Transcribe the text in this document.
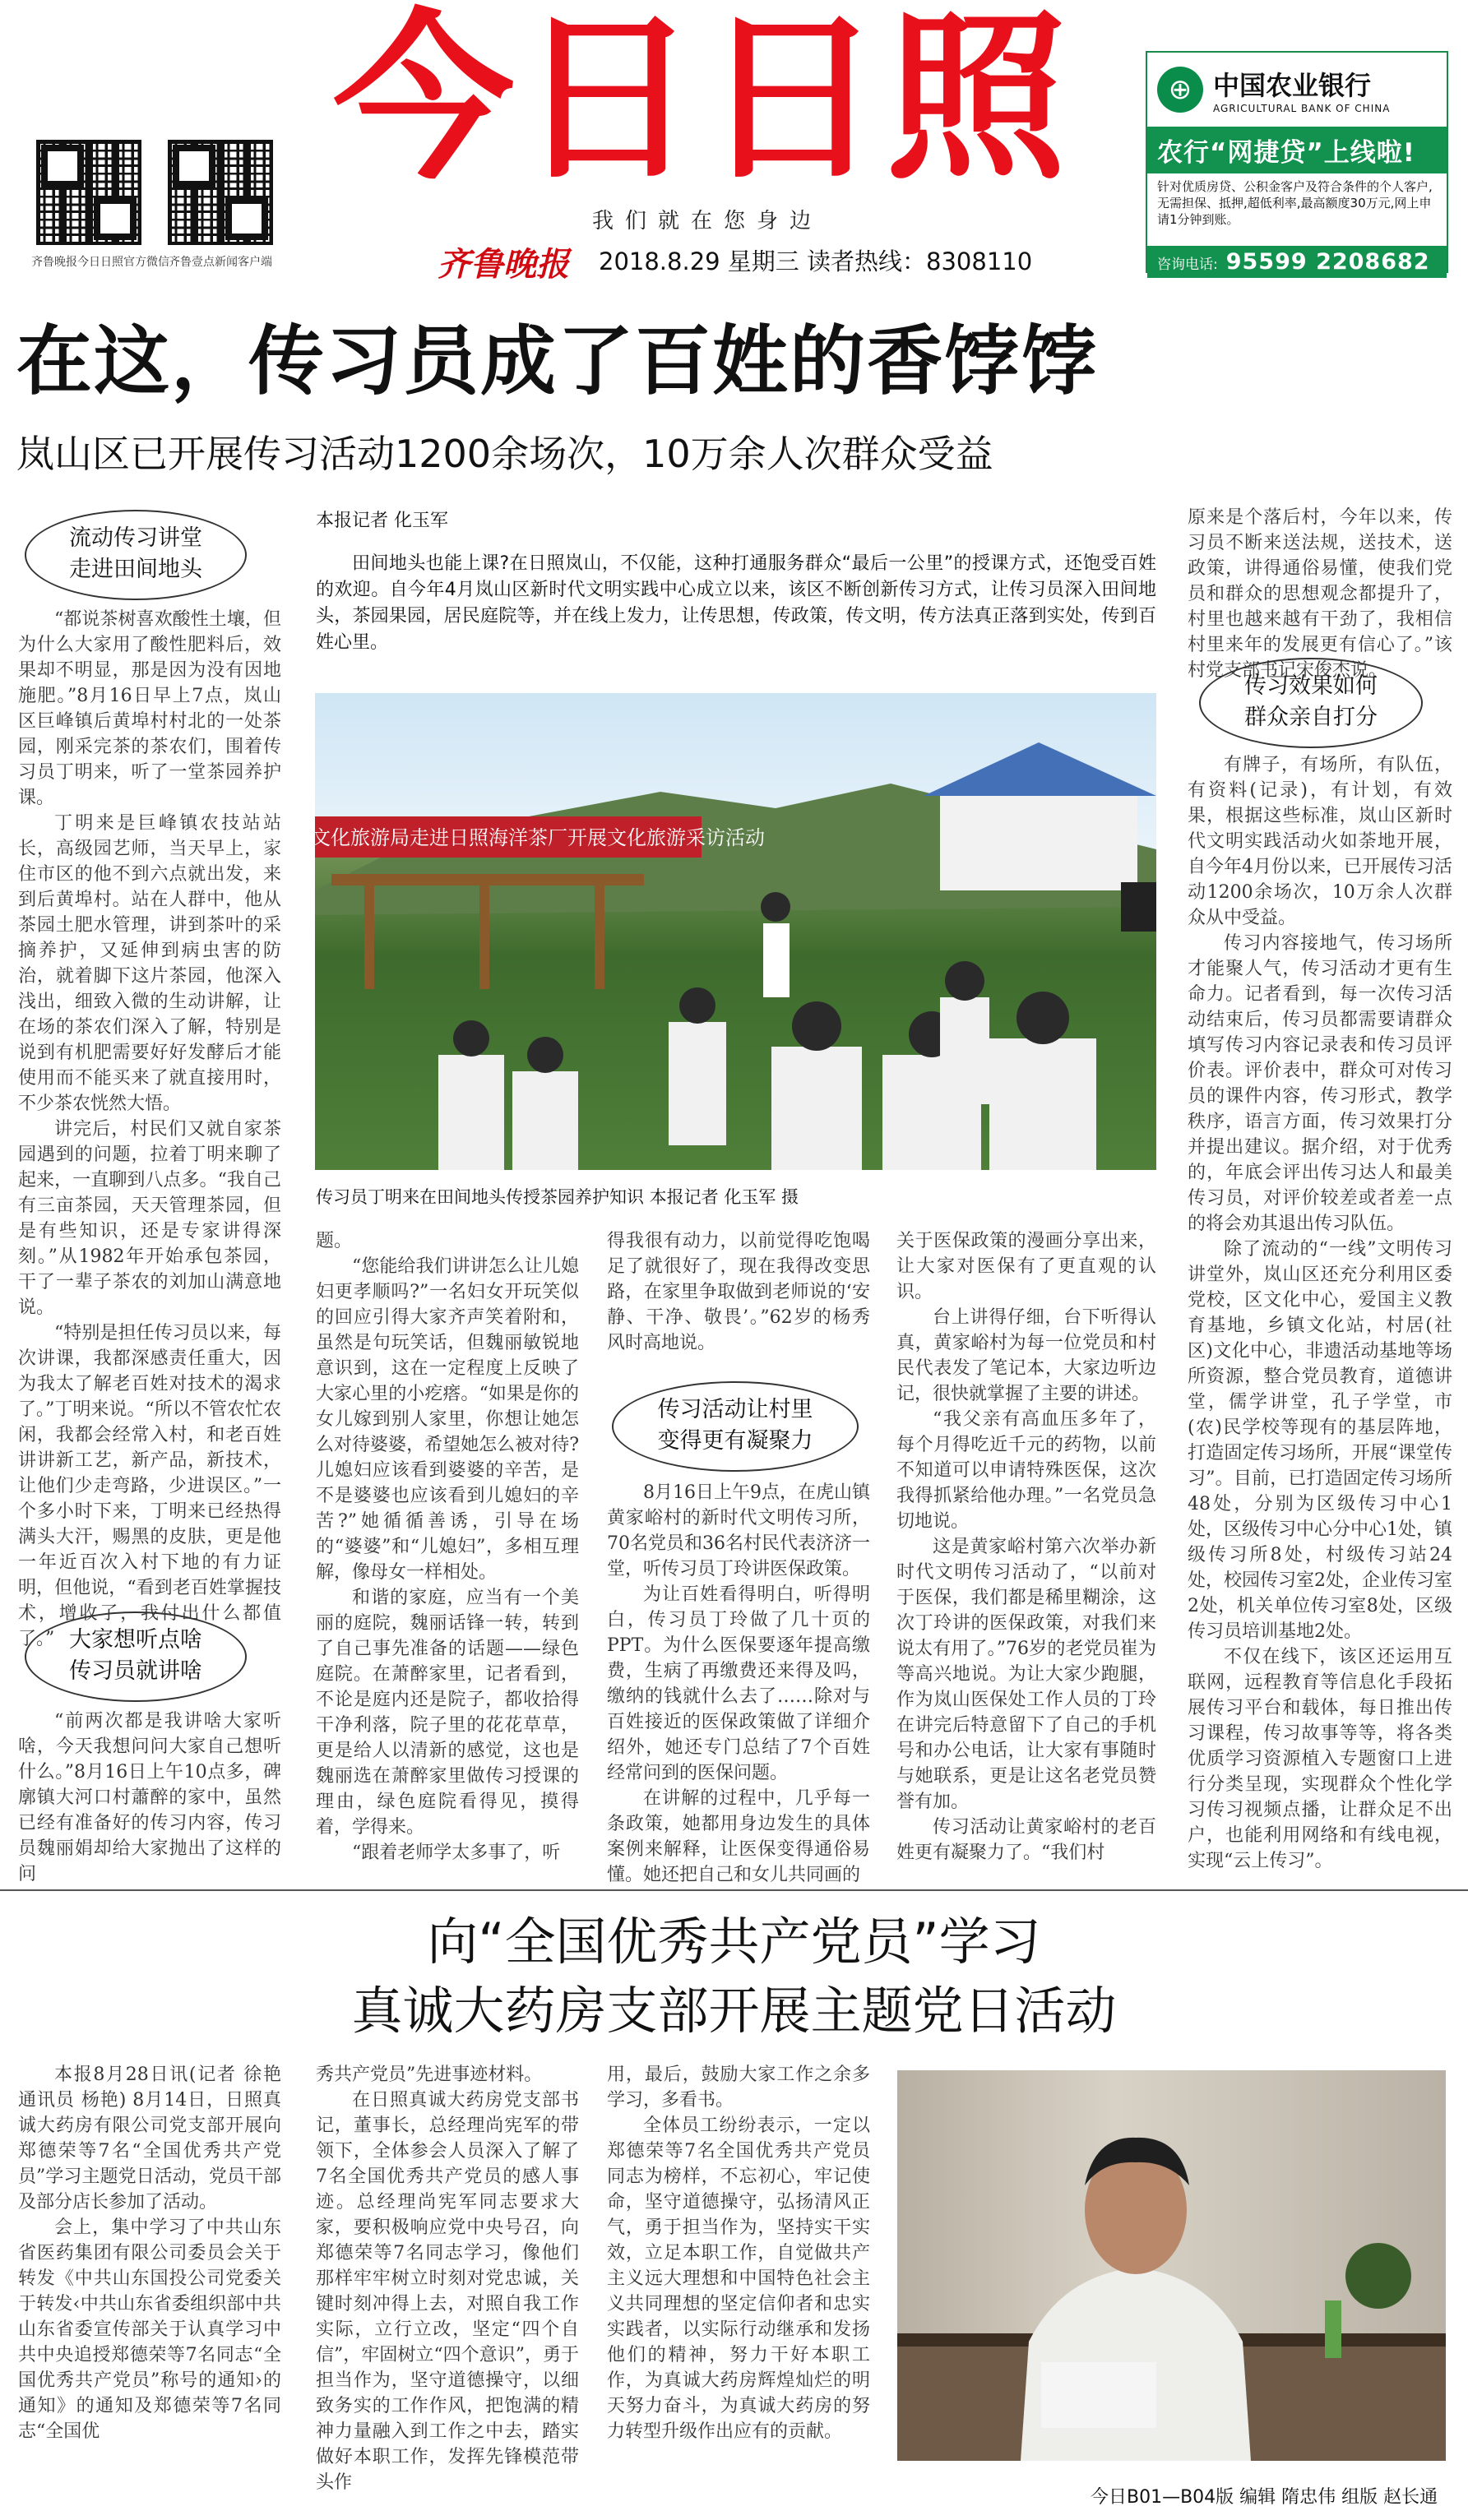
齐鲁晚报今日日照官方微信 齐鲁壹点新闻客户端
今日日照
我们就在您身边
齐鲁晚报 2018.8.29 星期三 读者热线：8308110
⊕ 中国农业银行
AGRICULTURAL BANK OF CHINA
农行“网捷贷”上线啦!
针对优质房贷、公积金客户及符合条件的个人客户,无需担保、抵押,超低利率,最高额度30万元,网上申请1分钟到账。
咨询电话: 95599 2208682
在这，传习员成了百姓的香饽饽
岚山区已开展传习活动1200余场次，10万余人次群众受益
流动传习讲堂
走进田间地头

“都说茶树喜欢酸性土壤，但为什么大家用了酸性肥料后，效果却不明显，那是因为没有因地施肥。”8月16日早上7点，岚山区巨峰镇后黄埠村村北的一处茶园，刚采完茶的茶农们，围着传习员丁明来，听了一堂茶园养护课。

丁明来是巨峰镇农技站站长，高级园艺师，当天早上，家住市区的他不到六点就出发，来到后黄埠村。站在人群中，他从茶园土肥水管理，讲到茶叶的采摘养护，又延伸到病虫害的防治，就着脚下这片茶园，他深入浅出，细致入微的生动讲解，让在场的茶农们深入了解，特别是说到有机肥需要好好发酵后才能使用而不能买来了就直接用时，不少茶农恍然大悟。

讲完后，村民们又就自家茶园遇到的问题，拉着丁明来聊了起来，一直聊到八点多。“我自己有三亩茶园，天天管理茶园，但是有些知识，还是专家讲得深刻。”从1982年开始承包茶园，干了一辈子茶农的刘加山满意地说。

“特别是担任传习员以来，每次讲课，我都深感责任重大，因为我太了解老百姓对技术的渴求了。”丁明来说。“所以不管农忙农闲，我都会经常入村，和老百姓讲讲新工艺，新产品，新技术，让他们少走弯路，少进误区。”一个多小时下来，丁明来已经热得满头大汗，赐黑的皮肤，更是他一年近百次入村下地的有力证明，但他说，“看到老百姓掌握技术，增收了，我付出什么都值了。” 大家想听点啥
传习员就讲啥

“前两次都是我讲啥大家听啥，今天我想问问大家自己想听什么。”8月16日上午10点多，碑廓镇大河口村蕭醉的家中，虽然已经有准备好的传习内容，传习员魏丽娟却给大家抛出了这样的问

本报记者 化玉军
田间地头也能上课?在日照岚山，不仅能，这种打通服务群众“最后一公里”的授课方式，还饱受百姓的欢迎。自今年4月岚山区新时代文明实践中心成立以来，该区不断创新传习方式，让传习员深入田间地头，茶园果园，居民庭院等，并在线上发力，让传思想，传政策，传文明，传方法真正落到实处，传到百姓心里。
岚山区文化旅游局走进日照海洋茶厂开展文化旅游采访活动
传习员丁明来在田间地头传授茶园养护知识 本报记者 化玉军 摄

题。

“您能给我们讲讲怎么让儿媳妇更孝顺吗?”一名妇女开玩笑似的回应引得大家齐声笑着附和，虽然是句玩笑话，但魏丽敏锐地意识到，这在一定程度上反映了大家心里的小疙瘩。“如果是你的女儿嫁到别人家里，你想让她怎么对待婆婆，希望她怎么被对待?儿媳妇应该看到婆婆的辛苦，是不是婆婆也应该看到儿媳妇的辛苦?”她循循善诱，引导在场的“婆婆”和“儿媳妇”，多相互理解，像母女一样相处。

和谐的家庭，应当有一个美丽的庭院，魏丽话锋一转，转到了自己事先准备的话题——绿色庭院。在萧醉家里，记者看到，不论是庭内还是院子，都收拾得干净利落，院子里的花花草草，更是给人以清新的感觉，这也是魏丽选在萧醉家里做传习授课的理由，绿色庭院看得见，摸得着，学得来。

“跟着老师学太多事了，听

得我很有动力，以前觉得吃饱喝足了就很好了，现在我得改变思路，在家里争取做到老师说的‘安静、干净、敬畏’。”62岁的杨秀风时高地说。

传习活动让村里
变得更有凝聚力

8月16日上午9点，在虎山镇黄家峪村的新时代文明传习所，70名党员和36名村民代表济济一堂，听传习员丁玲讲医保政策。

为让百姓看得明白，听得明白，传习员丁玲做了几十页的PPT。为什么医保要逐年提高缴费，生病了再缴费还来得及吗，缴纳的钱就什么去了……除对与百姓接近的医保政策做了详细介绍外，她还专门总结了7个百姓经常问到的医保问题。

在讲解的过程中，几乎每一条政策，她都用身边发生的具体案例来解释，让医保变得通俗易懂。她还把自己和女儿共同画的

关于医保政策的漫画分享出来，让大家对医保有了更直观的认识。

台上讲得仔细，台下听得认真，黄家峪村为每一位党员和村民代表发了笔记本，大家边听边记，很快就掌握了主要的讲述。

“我父亲有高血压多年了，每个月得吃近千元的药物，以前不知道可以申请特殊医保，这次我得抓紧给他办理。”一名党员急切地说。

这是黄家峪村第六次举办新时代文明传习活动了，“以前对于医保，我们都是稀里糊涂，这次丁玲讲的医保政策，对我们来说太有用了。”76岁的老党员崔为等高兴地说。为让大家少跑腿，作为岚山医保处工作人员的丁玲在讲完后特意留下了自己的手机号和办公电话，让大家有事随时与她联系，更是让这名老党员赞誉有加。

传习活动让黄家峪村的老百姓更有凝聚力了。“我们村

原来是个落后村，今年以来，传习员不断来送法规，送技术，送政策，讲得通俗易懂，使我们党员和群众的思想观念都提升了，村里也越来越有干劲了，我相信村里来年的发展更有信心了。”该村党支部书记宋俊杰说。

传习效果如何
群众亲自打分

有牌子，有场所，有队伍，有资料(记录)，有计划，有效果，根据这些标准，岚山区新时代文明实践活动火如荼地开展，自今年4月份以来，已开展传习活动1200余场次，10万余人次群众从中受益。

传习内容接地气，传习场所才能聚人气，传习活动才更有生命力。记者看到，每一次传习活动结束后，传习员都需要请群众填写传习内容记录表和传习员评价表。评价表中，群众可对传习员的课件内容，传习形式，教学秩序，语言方面，传习效果打分并提出建议。据介绍，对于优秀的，年底会评出传习达人和最美传习员，对评价较差或者差一点的将会劝其退出传习队伍。

除了流动的“一线”文明传习讲堂外，岚山区还充分利用区委党校，区文化中心，爱国主义教育基地，乡镇文化站，村居(社区)文化中心，非遗活动基地等场所资源，整合党员教育，道德讲堂，儒学讲堂，孔子学堂，市(农)民学校等现有的基层阵地，打造固定传习场所，开展“课堂传习”。目前，已打造固定传习场所48处，分别为区级传习中心1处，区级传习中心分中心1处，镇级传习所8处，村级传习站24处，校园传习室2处，企业传习室2处，机关单位传习室8处，区级传习员培训基地2处。

不仅在线下，该区还运用互联网，远程教育等信息化手段拓展传习平台和载体，每日推出传习课程，传习故事等等，将各类优质学习资源植入专题窗口上进行分类呈现，实现群众个性化学习传习视频点播，让群众足不出户，也能利用网络和有线电视，实现“云上传习”。

向“全国优秀共产党员”学习
真诚大药房支部开展主题党日活动

本报8月28日讯(记者 徐艳 通讯员 杨艳) 8月14日，日照真诚大药房有限公司党支部开展向郑德荣等7名“全国优秀共产党员”学习主题党日活动，党员干部及部分店长参加了活动。

会上，集中学习了中共山东省医药集团有限公司委员会关于转发《中共山东国投公司党委关于转发‹中共山东省委组织部中共山东省委宣传部关于认真学习中共中央追授郑德荣等7名同志“全国优秀共产党员”称号的通知›的通知》的通知及郑德荣等7名同志“全国优

秀共产党员”先进事迹材料。

在日照真诚大药房党支部书记，董事长，总经理尚宪军的带领下，全体参会人员深入了解了7名全国优秀共产党员的感人事迹。总经理尚宪军同志要求大家，要积极响应党中央号召，向郑德荣等7名同志学习，像他们那样牢牢树立时刻对党忠诚，关键时刻冲得上去，对照自我工作实际，立行立改，坚定“四个自信”，牢固树立“四个意识”，勇于担当作为，坚守道德操守，以细致务实的工作作风，把饱满的精神力量融入到工作之中去，踏实做好本职工作，发挥先锋模范带头作

用，最后，鼓励大家工作之余多学习，多看书。

全体员工纷纷表示，一定以郑德荣等7名全国优秀共产党员同志为榜样，不忘初心，牢记使命，坚守道德操守，弘扬清风正气，勇于担当作为，坚持实干实效，立足本职工作，自觉做共产主义远大理想和中国特色社会主义共同理想的坚定信仰者和忠实实践者，以实际行动继承和发扬他们的精神，努力干好本职工作，为真诚大药房辉煌灿烂的明天努力奋斗，为真诚大药房的努力转型升级作出应有的贡献。

今日B01—B04版 编辑 隋忠伟 组版 赵长通
